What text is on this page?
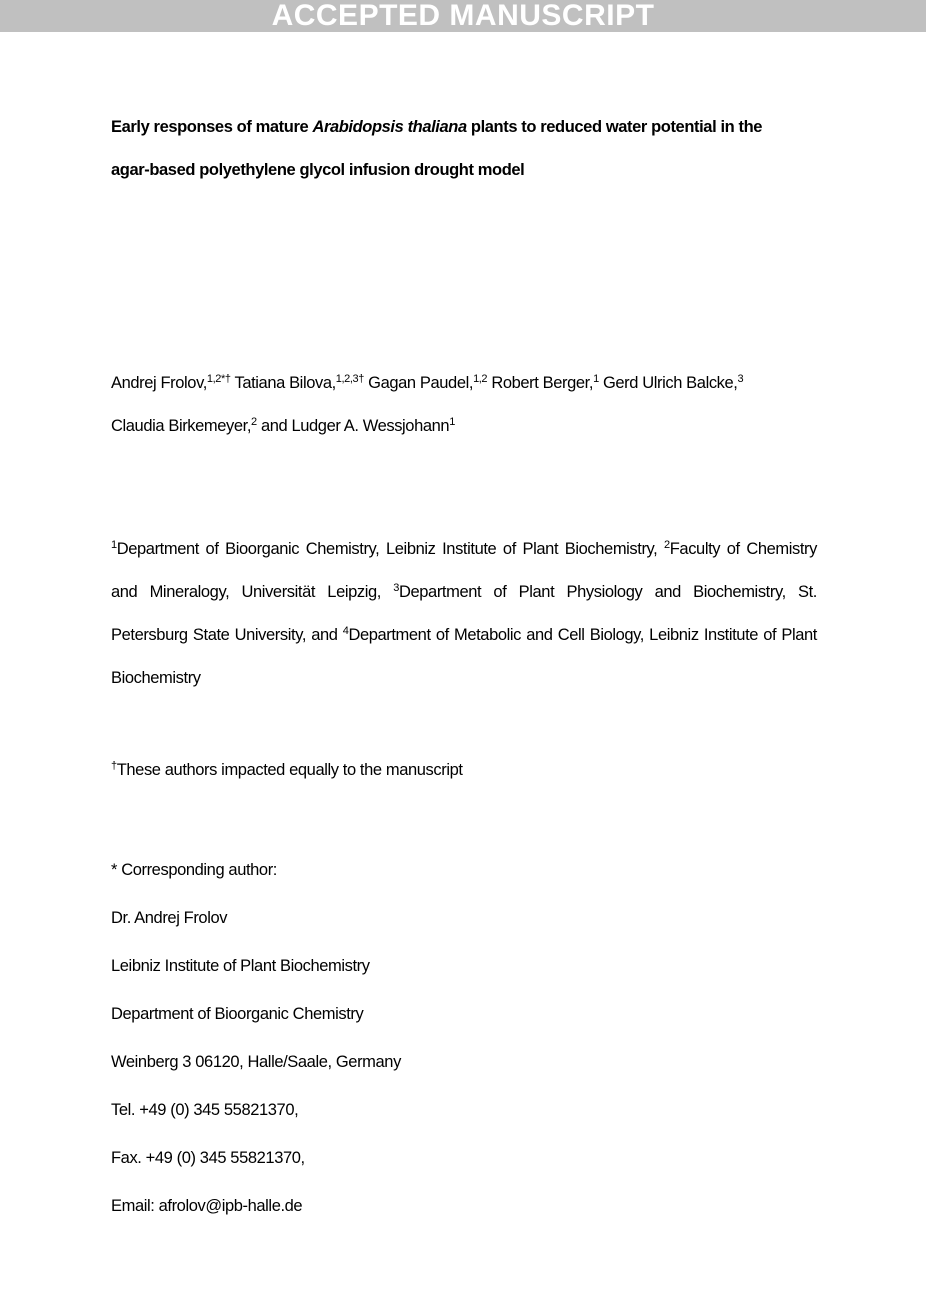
ACCEPTED MANUSCRIPT

Early responses of mature Arabidopsis thaliana plants to reduced water potential in the

agar-based polyethylene glycol infusion drought model

Andrej Frolov,$^{1,2*\dagger}$ Tatiana Bilova,$^{1,2,3\dagger}$ Gagan Paudel,$^{1,2}$ Robert Berger,$^1$ Gerd Ulrich Balcke,$^3$

Claudia Birkemeyer,$^2$ and Ludger A. Wessjohann$^1$

$^1$Department of Bioorganic Chemistry, Leibniz Institute of Plant Biochemistry, $^2$Faculty of Chemistry and Mineralogy, Universität Leipzig, $^3$Department of Plant Physiology and Biochemistry, St. Petersburg State University, and $^4$Department of Metabolic and Cell Biology, Leibniz Institute of Plant Biochemistry

†These authors impacted equally to the manuscript

* Corresponding author:

Dr. Andrej Frolov

Leibniz Institute of Plant Biochemistry

Department of Bioorganic Chemistry

Weinberg 3 06120, Halle/Saale, Germany

Tel. +49 (0) 345 55821370,

Fax. +49 (0) 345 55821370,

Email: afrolov@ipb-halle.de
